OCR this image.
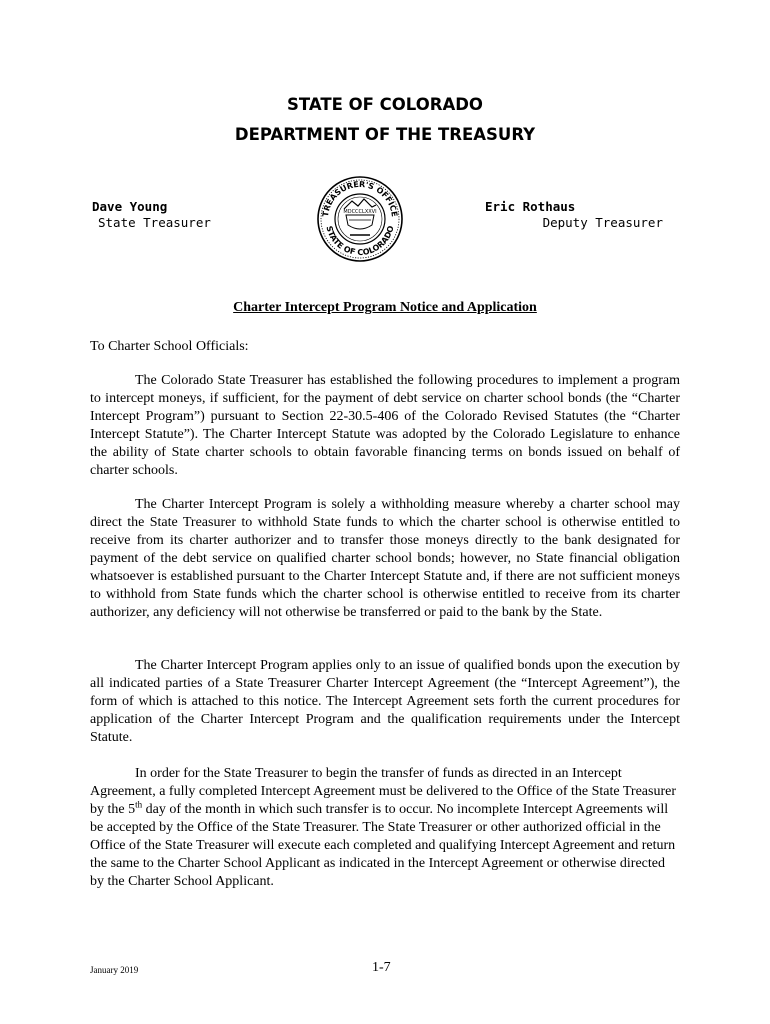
STATE OF COLORADO
DEPARTMENT OF THE TREASURY
Dave Young
State Treasurer
TREASURER'S OFFICE
STATE OF COLORADO
MDCCCLXXVI	Eric Rothaus
Deputy Treasurer
Charter Intercept Program Notice and Application
To Charter School Officials:

The Colorado State Treasurer has established the following procedures to implement a program to intercept moneys, if sufficient, for the payment of debt service on charter school bonds (the “Charter Intercept Program”) pursuant to Section 22-30.5-406 of the Colorado Revised Statutes (the “Charter Intercept Statute”). The Charter Intercept Statute was adopted by the Colorado Legislature to enhance the ability of State charter schools to obtain favorable financing terms on bonds issued on behalf of charter schools.

The Charter Intercept Program is solely a withholding measure whereby a charter school may direct the State Treasurer to withhold State funds to which the charter school is otherwise entitled to receive from its charter authorizer and to transfer those moneys directly to the bank designated for payment of the debt service on qualified charter school bonds; however, no State financial obligation whatsoever is established pursuant to the Charter Intercept Statute and, if there are not sufficient moneys to withhold from State funds which the charter school is otherwise entitled to receive from its charter authorizer, any deficiency will not otherwise be transferred or paid to the bank by the State.

The Charter Intercept Program applies only to an issue of qualified bonds upon the execution by all indicated parties of a State Treasurer Charter Intercept Agreement (the “Intercept Agreement”), the form of which is attached to this notice. The Intercept Agreement sets forth the current procedures for application of the Charter Intercept Program and the qualification requirements under the Intercept Statute.

In order for the State Treasurer to begin the transfer of funds as directed in an Intercept Agreement, a fully completed Intercept Agreement must be delivered to the Office of the State Treasurer by the 5th day of the month in which such transfer is to occur. No incomplete Intercept Agreements will be accepted by the Office of the State Treasurer. The State Treasurer or other authorized official in the Office of the State Treasurer will execute each completed and qualifying Intercept Agreement and return the same to the Charter School Applicant as indicated in the Intercept Agreement or otherwise directed by the Charter School Applicant.

January 2019	1-7
